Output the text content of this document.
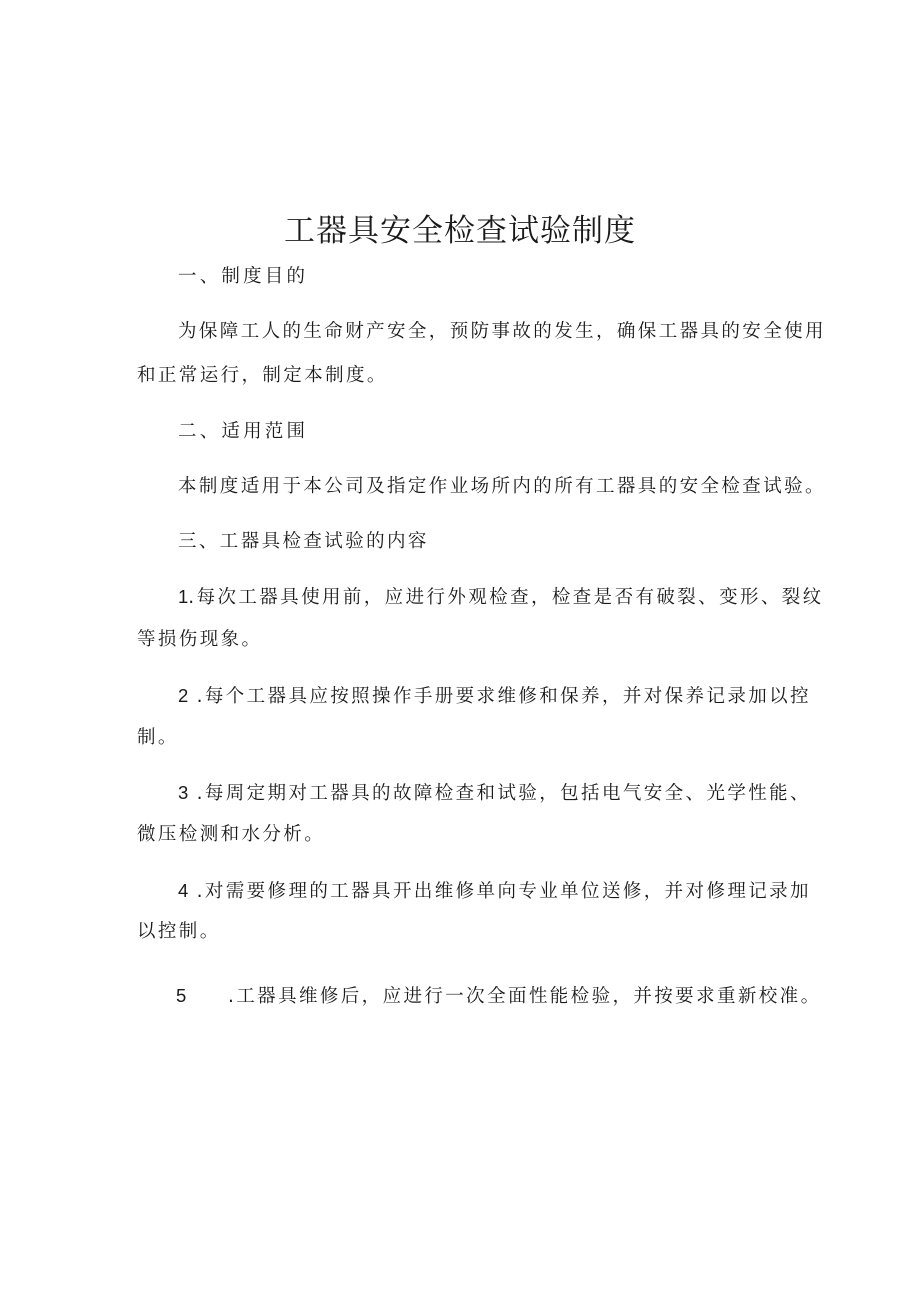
工器具安全检查试验制度

一、制度目的

为保障工人的生命财产安全，预防事故的发生，确保工器具的安全使用

和正常运行，制定本制度。

二、适用范围

本制度适用于本公司及指定作业场所内的所有工器具的安全检查试验。

三、工器具检查试验的内容

1.每次工器具使用前，应进行外观检查，检查是否有破裂、变形、裂纹

等损伤现象。

2 .每个工器具应按照操作手册要求维修和保养，并对保养记录加以控

制。

3 .每周定期对工器具的故障检查和试验，包括电气安全、光学性能、

微压检测和水分析。

4 .对需要修理的工器具开出维修单向专业单位送修，并对修理记录加

以控制。

5 .工器具维修后，应进行一次全面性能检验，并按要求重新校准。
